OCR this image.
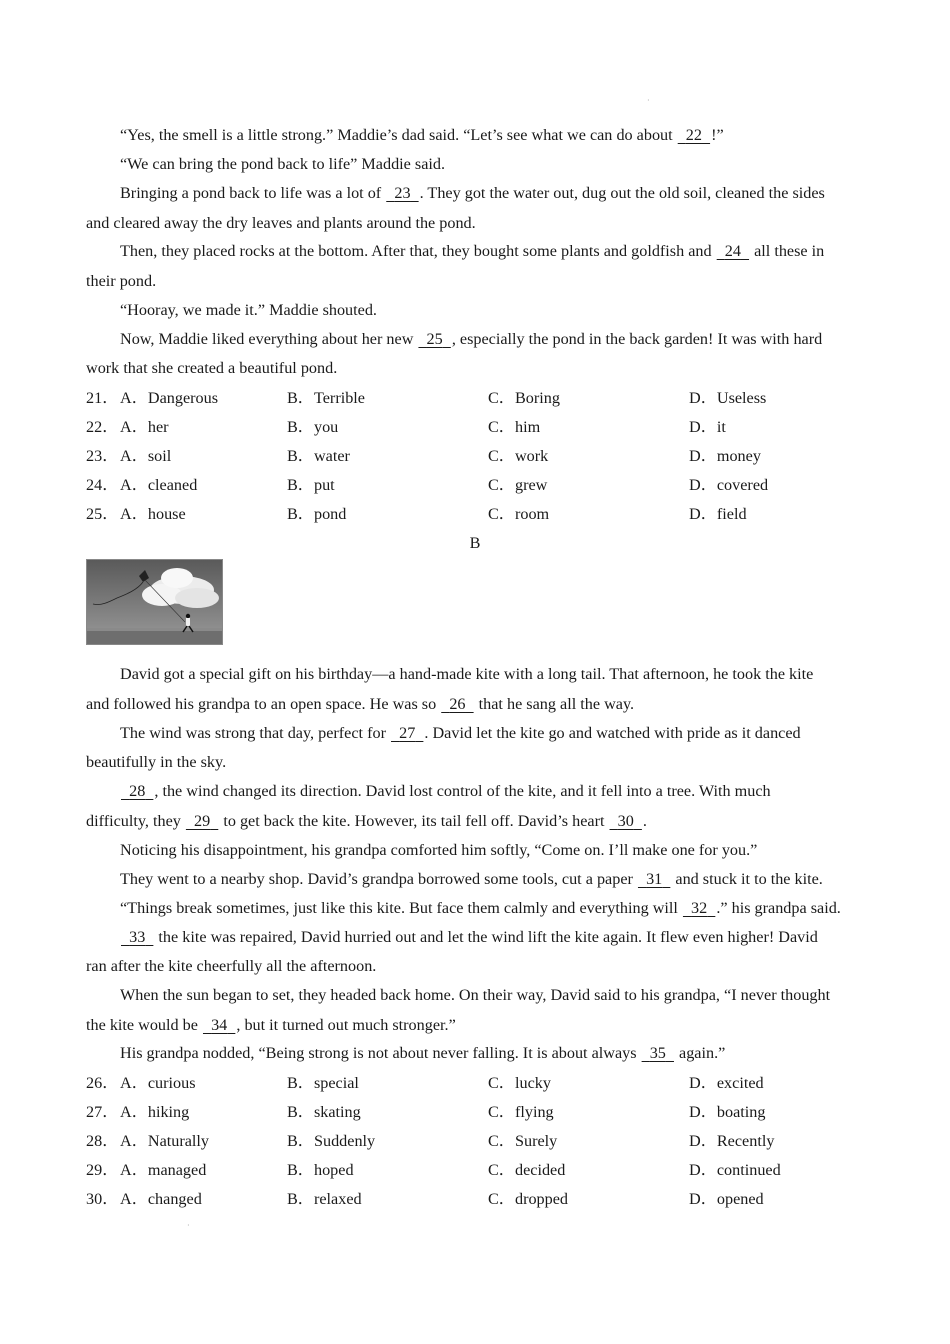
·
“Yes, the smell is a little strong.” Maddie’s dad said. “Let’s see what we can do about   22 !”
“We can bring the pond back to life” Maddie said.
Bringing a pond back to life was a lot of   23 . They got the water out, dug out the old soil, cleaned the sides
and cleared away the dry leaves and plants around the pond.
Then, they placed rocks at the bottom. After that, they bought some plants and goldfish and   24   all these in
their pond.
“Hooray, we made it.” Maddie shouted.
Now, Maddie liked everything about her new   25 , especially the pond in the back garden! It was with hard
work that she created a beautiful pond.
21． A．Dangerous	B．Terrible	C．Boring	D．Useless
22． A．her	B．you	C．him	D．it
23． A．soil	B．water	C．work	D．money
24． A．cleaned	B．put	C．grew	D．covered
25． A．house	B．pond	C．room	D．field
B
David got a special gift on his birthday—a hand-made kite with a long tail. That afternoon, he took the kite
and followed his grandpa to an open space. He was so   26   that he sang all the way.
The wind was strong that day, perfect for   27 . David let the kite go and watched with pride as it danced
beautifully in the sky.
28 , the wind changed its direction. David lost control of the kite, and it fell into a tree. With much
difficulty, they   29   to get back the kite. However, its tail fell off. David’s heart   30 .
Noticing his disappointment, his grandpa comforted him softly, “Come on. I’ll make one for you.”
They went to a nearby shop. David’s grandpa borrowed some tools, cut a paper   31   and stuck it to the kite.
“Things break sometimes, just like this kite. But face them calmly and everything will   32 .” his grandpa said.
33   the kite was repaired, David hurried out and let the wind lift the kite again. It flew even higher! David
ran after the kite cheerfully all the afternoon.
When the sun began to set, they headed back home. On their way, David said to his grandpa, “I never thought
the kite would be   34 , but it turned out much stronger.”
His grandpa nodded, “Being strong is not about never falling. It is about always   35   again.”
26． A．curious	B．special	C．lucky	D．excited
27． A．hiking	B．skating	C．flying	D．boating
28． A．Naturally	B．Suddenly	C．Surely	D．Recently
29． A．managed	B．hoped	C．decided	D．continued
30． A．changed	B．relaxed	C．dropped	D．opened
·
